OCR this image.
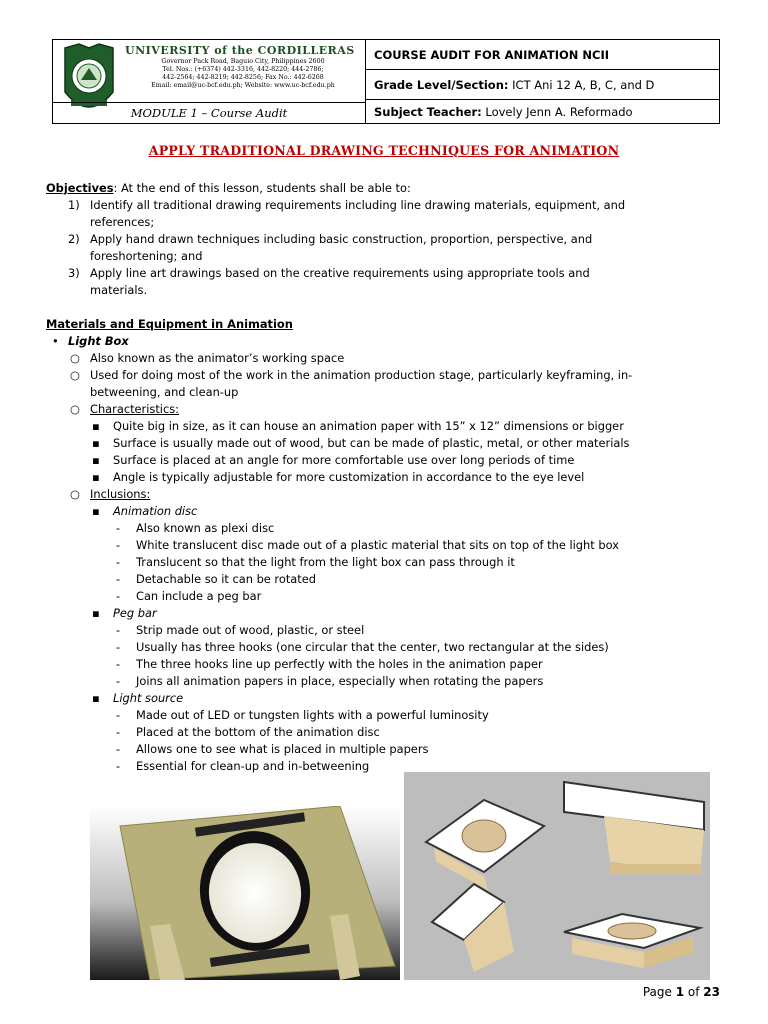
UNIVERSITY of the CORDILLERAS
Governor Pack Road, Baguio City, Philippines 2600
Tel. Nos.: (+6374) 442-3316, 442-8220; 444-2786;
442-2564; 442-8219; 442-8256; Fax No.: 442-6268
Email: email@uc-bcf.edu.ph; Website: www.uc-bcf.edu.ph
MODULE 1 – Course Audit
COURSE AUDIT FOR ANIMATION NCII
Grade Level/Section: ICT Ani 12 A, B, C, and D
Subject Teacher: Lovely Jenn A. Reformado
APPLY TRADITIONAL DRAWING TECHNIQUES FOR ANIMATION
Objectives: At the end of this lesson, students shall be able to:
1) Identify all traditional drawing requirements including line drawing materials, equipment, and
references;
2) Apply hand drawn techniques including basic construction, proportion, perspective, and
foreshortening; and
3) Apply line art drawings based on the creative requirements using appropriate tools and
materials.
Materials and Equipment in Animation
• Light Box
○ Also known as the animator’s working space
○ Used for doing most of the work in the animation production stage, particularly keyframing, in-
betweening, and clean-up
○ Characteristics:
▪ Quite big in size, as it can house an animation paper with 15” x 12” dimensions or bigger
▪ Surface is usually made out of wood, but can be made of plastic, metal, or other materials
▪ Surface is placed at an angle for more comfortable use over long periods of time
▪ Angle is typically adjustable for more customization in accordance to the eye level
○ Inclusions:
▪ Animation disc
- Also known as plexi disc
- White translucent disc made out of a plastic material that sits on top of the light box
- Translucent so that the light from the light box can pass through it
- Detachable so it can be rotated
- Can include a peg bar
▪ Peg bar
- Strip made out of wood, plastic, or steel
- Usually has three hooks (one circular that the center, two rectangular at the sides)
- The three hooks line up perfectly with the holes in the animation paper
- Joins all animation papers in place, especially when rotating the papers
▪ Light source
- Made out of LED or tungsten lights with a powerful luminosity
- Placed at the bottom of the animation disc
- Allows one to see what is placed in multiple papers
- Essential for clean-up and in-betweening
Page 1 of 23
